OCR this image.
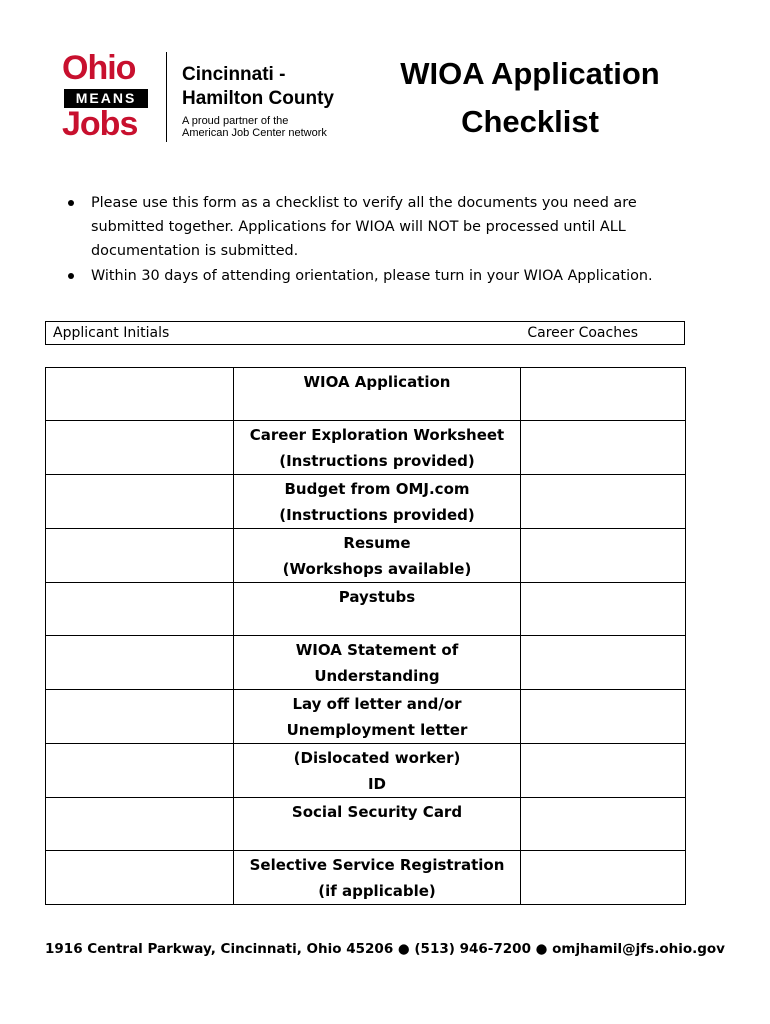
Ohio
MEANS
Jobs
Cincinnati -
Hamilton County
A proud partner of the
American Job Center network
WIOA Application
Checklist
Please use this form as a checklist to verify all the documents you need are submitted together. Applications for WIOA will NOT be processed until ALL documentation is submitted.
Within 30 days of attending orientation, please turn in your WIOA Application.
Applicant Initials	Career Coaches

	WIOA Application	

	Career Exploration Worksheet
(Instructions provided)	

	Budget from OMJ.com
(Instructions provided)	

	Resume
(Workshops available)	

	Paystubs	

	WIOA Statement of
Understanding	

	Lay off letter and/or
Unemployment letter	

	(Dislocated worker)
ID	

	Social Security Card	

	Selective Service Registration
(if applicable)	

1916 Central Parkway, Cincinnati, Ohio 45206 ● (513) 946-7200 ● omjhamil@jfs.ohio.gov
